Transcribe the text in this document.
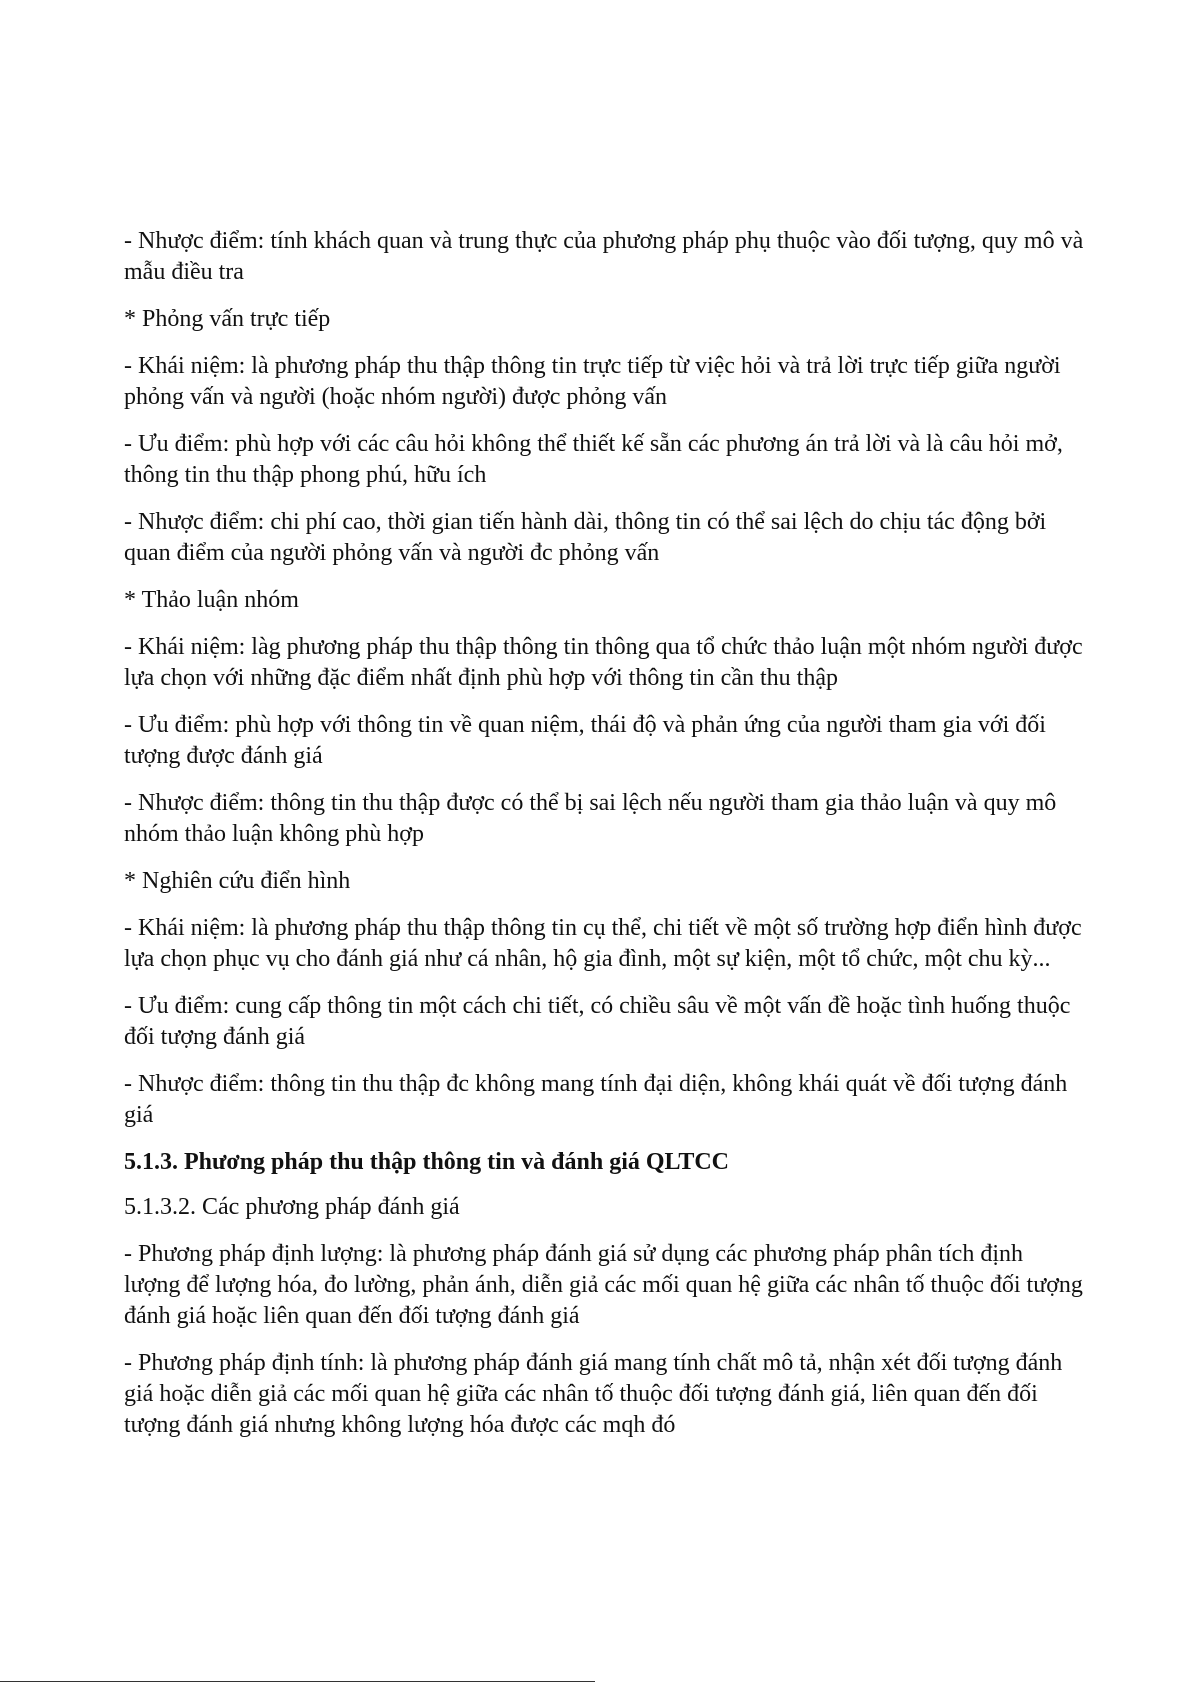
- Nhược điểm: tính khách quan và trung thực của phương pháp phụ thuộc vào đối tượng, quy mô và mẫu điều tra

* Phỏng vấn trực tiếp

- Khái niệm: là phương pháp thu thập thông tin trực tiếp từ việc hỏi và trả lời trực tiếp giữa người phỏng vấn và người (hoặc nhóm người) được phỏng vấn

- Ưu điểm: phù hợp với các câu hỏi không thể thiết kế sẵn các phương án trả lời và là câu hỏi mở, thông tin thu thập phong phú, hữu ích

- Nhược điểm: chi phí cao, thời gian tiến hành dài, thông tin có thể sai lệch do chịu tác động bởi quan điểm của người phỏng vấn và người đc phỏng vấn

* Thảo luận nhóm

- Khái niệm: làg phương pháp thu thập thông tin thông qua tổ chức thảo luận một nhóm người được lựa chọn với những đặc điểm nhất định phù hợp với thông tin cần thu thập

- Ưu điểm: phù hợp với thông tin về quan niệm, thái độ và phản ứng của người tham gia với đối tượng được đánh giá

- Nhược điểm: thông tin thu thập được có thể bị sai lệch nếu người tham gia thảo luận và quy mô nhóm thảo luận không phù hợp

* Nghiên cứu điển hình

- Khái niệm: là phương pháp thu thập thông tin cụ thể, chi tiết về một số trường hợp điển hình được lựa chọn phục vụ cho đánh giá như cá nhân, hộ gia đình, một sự kiện, một tổ chức, một chu kỳ...

- Ưu điểm: cung cấp thông tin một cách chi tiết, có chiều sâu về một vấn đề hoặc tình huống thuộc đối tượng đánh giá

- Nhược điểm: thông tin thu thập đc không mang tính đại diện, không khái quát về đối tượng đánh giá

5.1.3. Phương pháp thu thập thông tin và đánh giá QLTCC

5.1.3.2. Các phương pháp đánh giá

- Phương pháp định lượng: là phương pháp đánh giá sử dụng các phương pháp phân tích định lượng để lượng hóa, đo lường, phản ánh, diễn giả các mối quan hệ giữa các nhân tố thuộc đối tượng đánh giá hoặc liên quan đến đối tượng đánh giá

- Phương pháp định tính: là phương pháp đánh giá mang tính chất mô tả, nhận xét đối tượng đánh giá hoặc diễn giả các mối quan hệ giữa các nhân tố thuộc đối tượng đánh giá, liên quan đến đối tượng đánh giá nhưng không lượng hóa được các mqh đó
